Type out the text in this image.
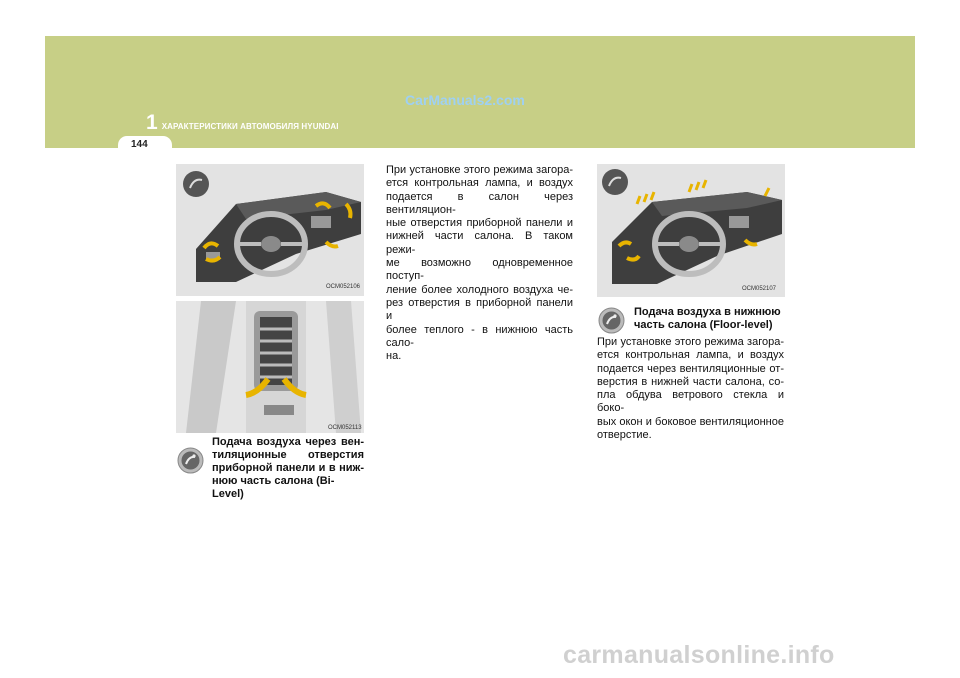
1 ХАРАКТЕРИСТИКИ АВТОМОБИЛЯ HYUNDAI
144
CarManuals2.com
OCM052106
OCM052113
Подача воздуха через вен-
тиляционные отверстия
приборной панели и в ниж-
нюю часть салона (Bi-Level)
При установке этого режима загора-
ется контрольная лампа, и воздух
подается в салон через вентиляцион-
ные отверстия приборной панели и
нижней части салона. В таком режи-
ме возможно одновременное поступ-
ление более холодного воздуха че-
рез отверстия в приборной панели и
более теплого - в нижнюю часть сало-
на.
OCM052107
Подача воздуха в нижнюю
часть салона (Floor-level)
При установке этого режима загора-
ется контрольная лампа, и воздух
подается через вентиляционные от-
верстия в нижней части салона, со-
пла обдува ветрового стекла и боко-
вых окон и боковое вентиляционное
отверстие.
carmanualsonline.info
